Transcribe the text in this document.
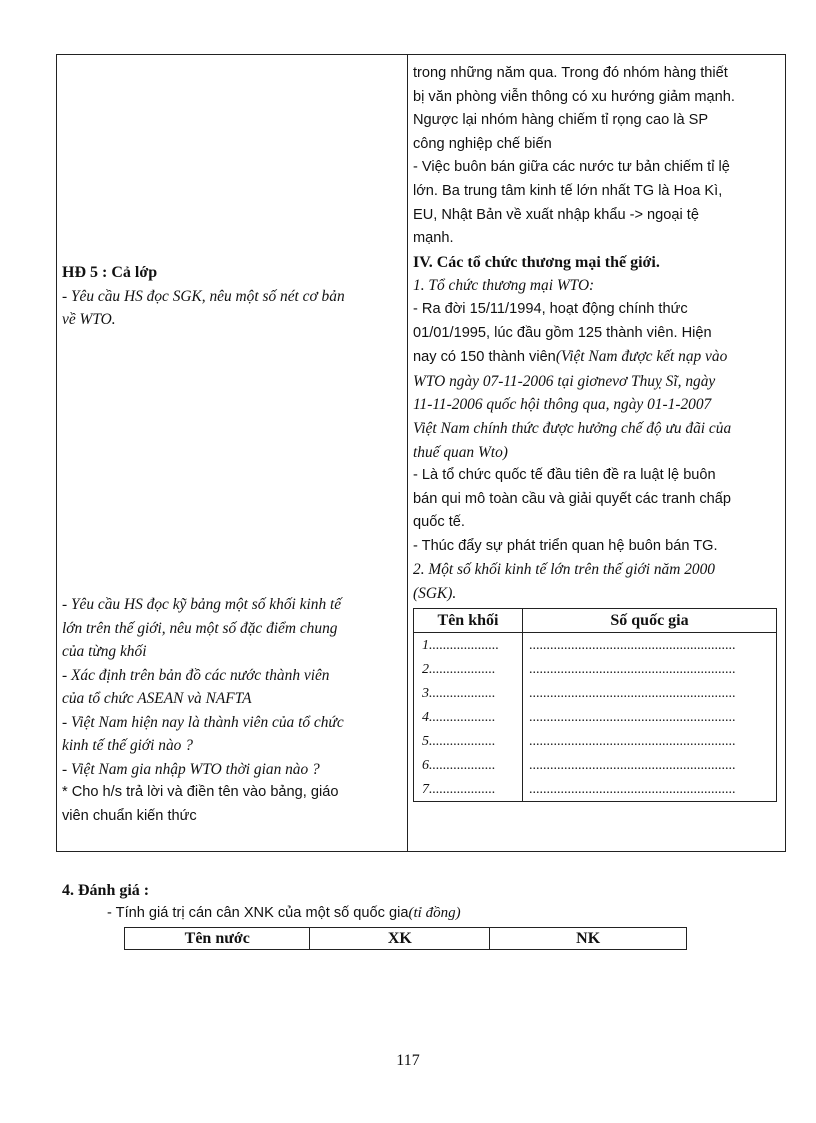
HĐ 5 : Cả lớp
- Yêu cầu HS đọc SGK, nêu một số nét cơ bản
về WTO.
- Yêu cầu HS đọc kỹ bảng một số khối kinh tế
lớn trên thế giới, nêu một số đặc điểm chung
của từng khối
- Xác định trên bản đồ các nước thành viên
của tổ chức ASEAN và NAFTA
- Việt Nam hiện nay là thành viên của tổ chức
kinh tế thế giới nào ?
- Việt Nam gia nhập WTO thời gian nào ?
* Cho h/s trả lời và điền tên vào bảng, giáo
viên chuẩn kiến thức
trong những năm qua. Trong đó nhóm hàng thiết
bị văn phòng viễn thông có xu hướng giảm mạnh.
Ngược lại nhóm hàng chiếm tỉ rọng cao là SP
công nghiệp chế biến
- Việc buôn bán giữa các nước tư bản chiếm tỉ lệ
lớn. Ba trung tâm kinh tế lớn nhất TG là Hoa Kì,
EU, Nhật Bản về xuất nhập khẩu -> ngoại tệ
mạnh.
IV. Các tổ chức thương mại thế giới.
1. Tổ chức thương mại WTO:
- Ra đời 15/11/1994, hoạt động chính thức
01/01/1995, lúc đầu gồm 125 thành viên. Hiện
nay có 150 thành viên(Việt Nam được kết nạp vào
WTO ngày 07-11-2006 tại giơnevơ Thuỵ Sĩ, ngày
11-11-2006 quốc hội thông qua, ngày 01-1-2007
Việt Nam chính thức được hưởng chế độ ưu đãi của
thuế quan Wto)
- Là tổ chức quốc tế đầu tiên đề ra luật lệ buôn
bán qui mô toàn cầu và giải quyết các tranh chấp
quốc tế.
- Thúc đẩy sự phát triển quan hệ buôn bán TG.
2. Một số khối kinh tế lớn trên thế giới năm 2000
(SGK).
Tên khối	Số quốc gia
1....................	...........................................................
2...................	...........................................................
3...................	...........................................................
4...................	...........................................................
5...................	...........................................................
6...................	...........................................................
7...................	...........................................................
4. Đánh giá :
- Tính giá trị cán cân XNK của một số quốc gia(tỉ đồng)
Tên nước	XK	NK
117
